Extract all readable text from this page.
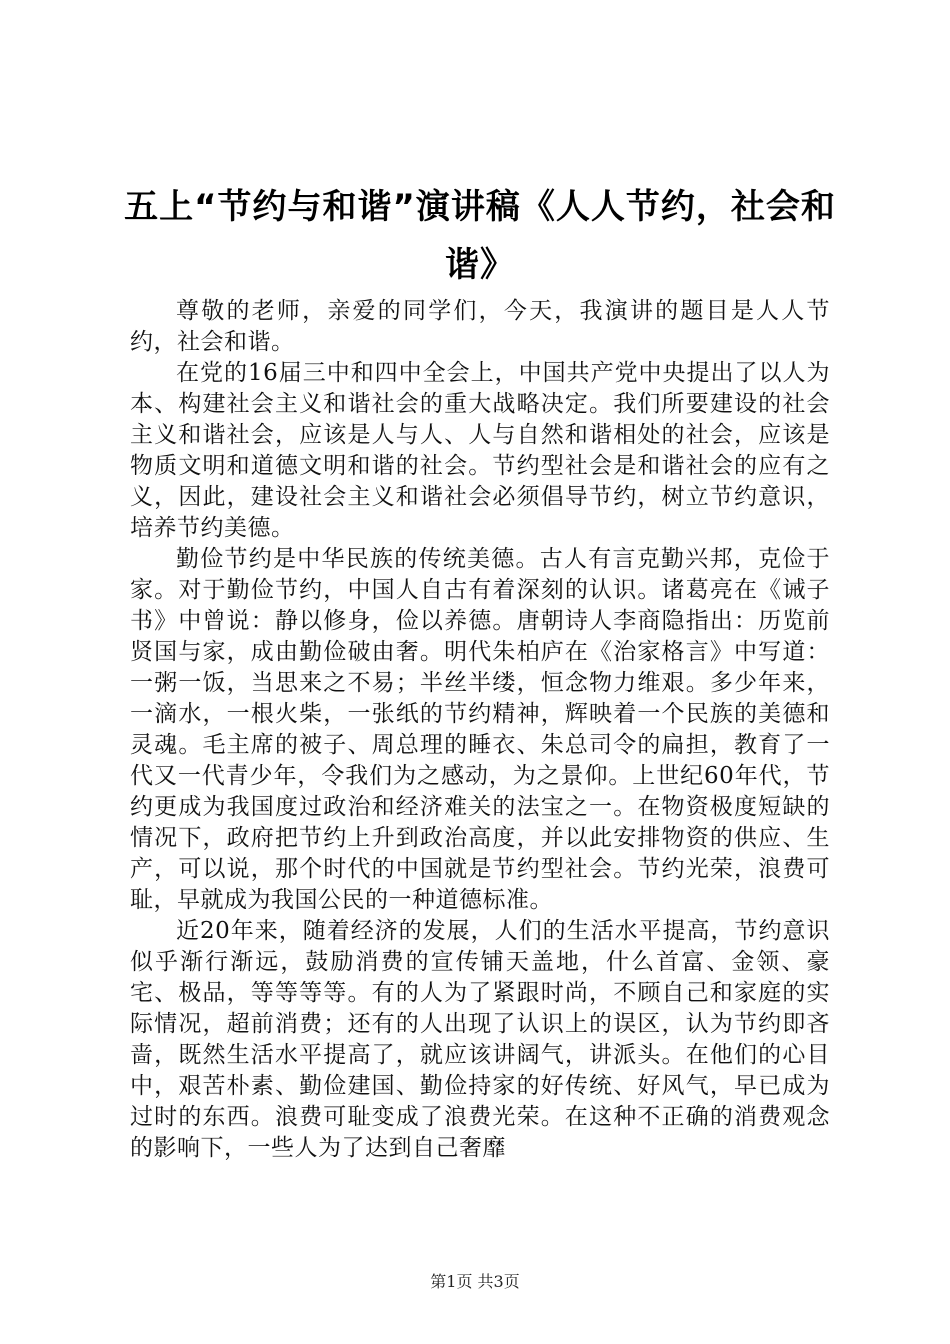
五上“节约与和谐”演讲稿《人人节约，社会和谐》

尊敬的老师，亲爱的同学们，今天，我演讲的题目是人人节约，社会和谐。

在党的16届三中和四中全会上，中国共产党中央提出了以人为本、构建社会主义和谐社会的重大战略决定。我们所要建设的社会主义和谐社会，应该是人与人、人与自然和谐相处的社会，应该是物质文明和道德文明和谐的社会。节约型社会是和谐社会的应有之义，因此，建设社会主义和谐社会必须倡导节约，树立节约意识，培养节约美德。

勤俭节约是中华民族的传统美德。古人有言克勤兴邦，克俭于家。对于勤俭节约，中国人自古有着深刻的认识。诸葛亮在《诫子书》中曾说：静以修身，俭以养德。唐朝诗人李商隐指出：历览前贤国与家，成由勤俭破由奢。明代朱柏庐在《治家格言》中写道：一粥一饭，当思来之不易；半丝半缕，恒念物力维艰。多少年来，一滴水，一根火柴，一张纸的节约精神，辉映着一个民族的美德和灵魂。毛主席的被子、周总理的睡衣、朱总司令的扁担，教育了一代又一代青少年，令我们为之感动，为之景仰。上世纪60年代，节约更成为我国度过政治和经济难关的法宝之一。在物资极度短缺的情况下，政府把节约上升到政治高度，并以此安排物资的供应、生产，可以说，那个时代的中国就是节约型社会。节约光荣，浪费可耻，早就成为我国公民的一种道德标准。

近20年来，随着经济的发展，人们的生活水平提高，节约意识似乎渐行渐远，鼓励消费的宣传铺天盖地，什么首富、金领、豪宅、极品，等等等等。有的人为了紧跟时尚，不顾自己和家庭的实际情况，超前消费；还有的人出现了认识上的误区，认为节约即吝啬，既然生活水平提高了，就应该讲阔气，讲派头。在他们的心目中，艰苦朴素、勤俭建国、勤俭持家的好传统、好风气，早已成为过时的东西。浪费可耻变成了浪费光荣。在这种不正确的消费观念的影响下，一些人为了达到自己奢靡

第1页 共3页
